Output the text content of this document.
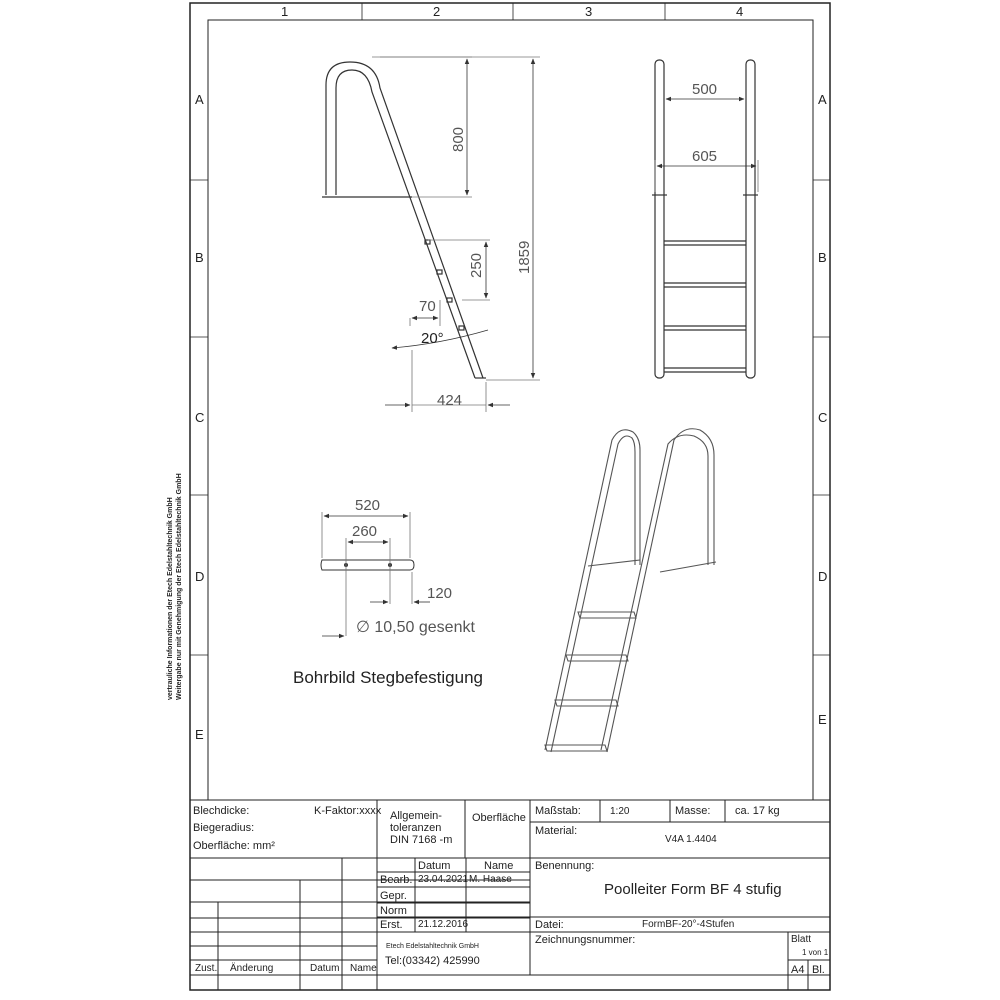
1	2	3	4
A
B
C
D
E
A
B
C
D
E
vertrauliche Informationen der Etech Edelstahltechnik GmbH Weitergabe nur mit Genehmigung der Etech Edelstahltechnik GmbH
800
1859
250
70
20°
424
500
605
520
260
120
∅ 10,50 gesenkt
Bohrbild Stegbefestigung
Blechdicke:	K-Faktor:xxxx
Biegeradius:
Oberfläche: mm²
Allgemein-
toleranzen
DIN 7168 -m
Oberfläche
Maßstab:	1:20	Masse: ca. 17 kg
Material:
V4A 1.4404
Datum	Name
Bearb. 23.04.2021 M. Haase
Gepr.
Norm
Erst. 21.12.2016
Etech Edelstahltechnik GmbH
Tel:(03342) 425990
Benennung:
Poolleiter Form BF 4 stufig
Datei:	FormBF-20°-4Stufen
Zeichnungsnummer:	Blatt
1 von 1
A4 Bl.
Zust. Änderung	Datum Name
